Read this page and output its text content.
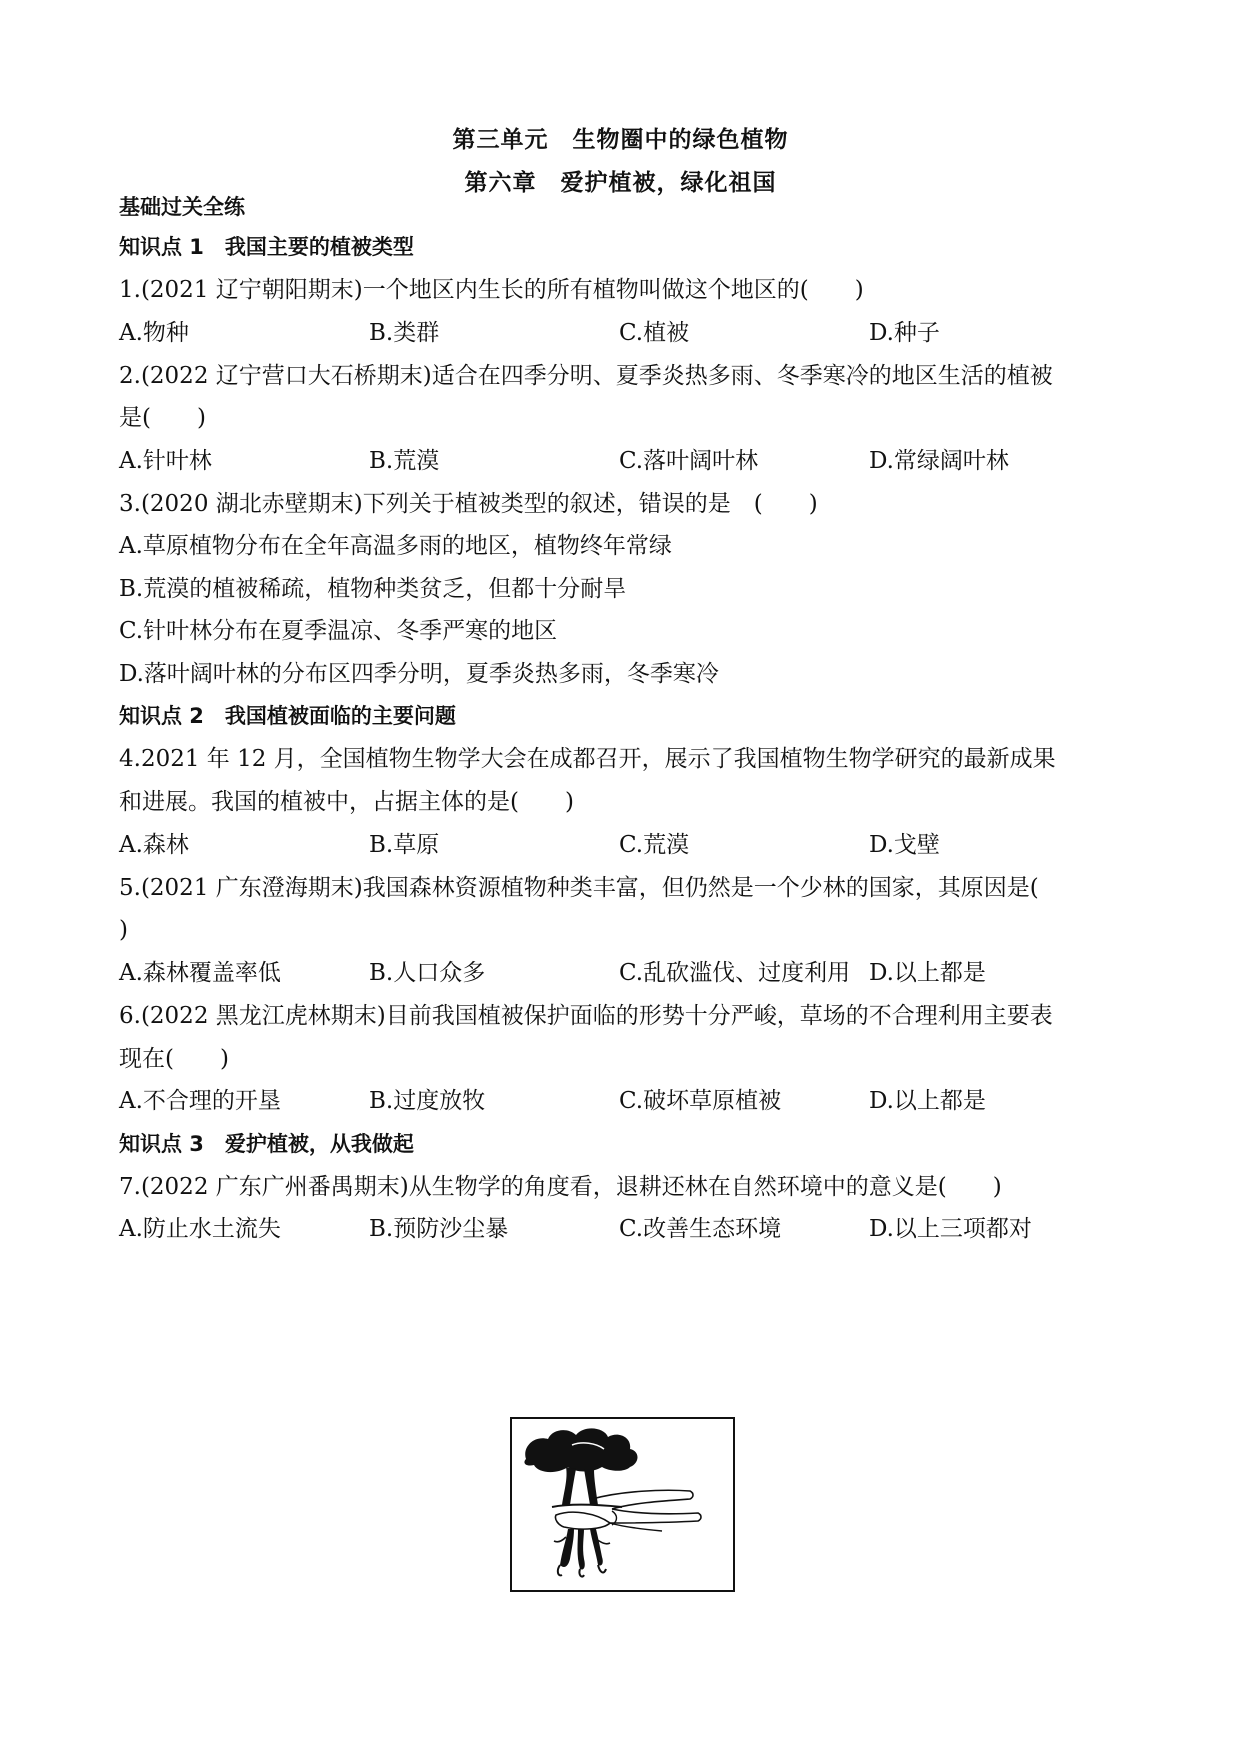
第三单元　生物圈中的绿色植物
第六章　爱护植被，绿化祖国
基础过关全练
知识点 1　我国主要的植被类型
1.(2021 辽宁朝阳期末)一个地区内生长的所有植物叫做这个地区的(　　)
A.物种	B.类群	C.植被	D.种子
2.(2022 辽宁营口大石桥期末)适合在四季分明、夏季炎热多雨、冬季寒冷的地区生活的植被
是(　　)
A.针叶林	B.荒漠	C.落叶阔叶林	D.常绿阔叶林
3.(2020 湖北赤壁期末)下列关于植被类型的叙述，错误的是　(　　)
A.草原植物分布在全年高温多雨的地区，植物终年常绿
B.荒漠的植被稀疏，植物种类贫乏，但都十分耐旱
C.针叶林分布在夏季温凉、冬季严寒的地区
D.落叶阔叶林的分布区四季分明，夏季炎热多雨，冬季寒冷
知识点 2　我国植被面临的主要问题
4.2021 年 12 月，全国植物生物学大会在成都召开，展示了我国植物生物学研究的最新成果
和进展。我国的植被中，占据主体的是(　　)
A.森林	B.草原	C.荒漠	D.戈壁
5.(2021 广东澄海期末)我国森林资源植物种类丰富，但仍然是一个少林的国家，其原因是(
)
A.森林覆盖率低	B.人口众多	C.乱砍滥伐、过度利用 D.以上都是
6.(2022 黑龙江虎林期末)目前我国植被保护面临的形势十分严峻，草场的不合理利用主要表
现在(　　)
A.不合理的开垦	B.过度放牧	C.破坏草原植被	D.以上都是
知识点 3　爱护植被，从我做起
7.(2022 广东广州番禺期末)从生物学的角度看，退耕还林在自然环境中的意义是(　　)
A.防止水土流失	B.预防沙尘暴	C.改善生态环境	D.以上三项都对
